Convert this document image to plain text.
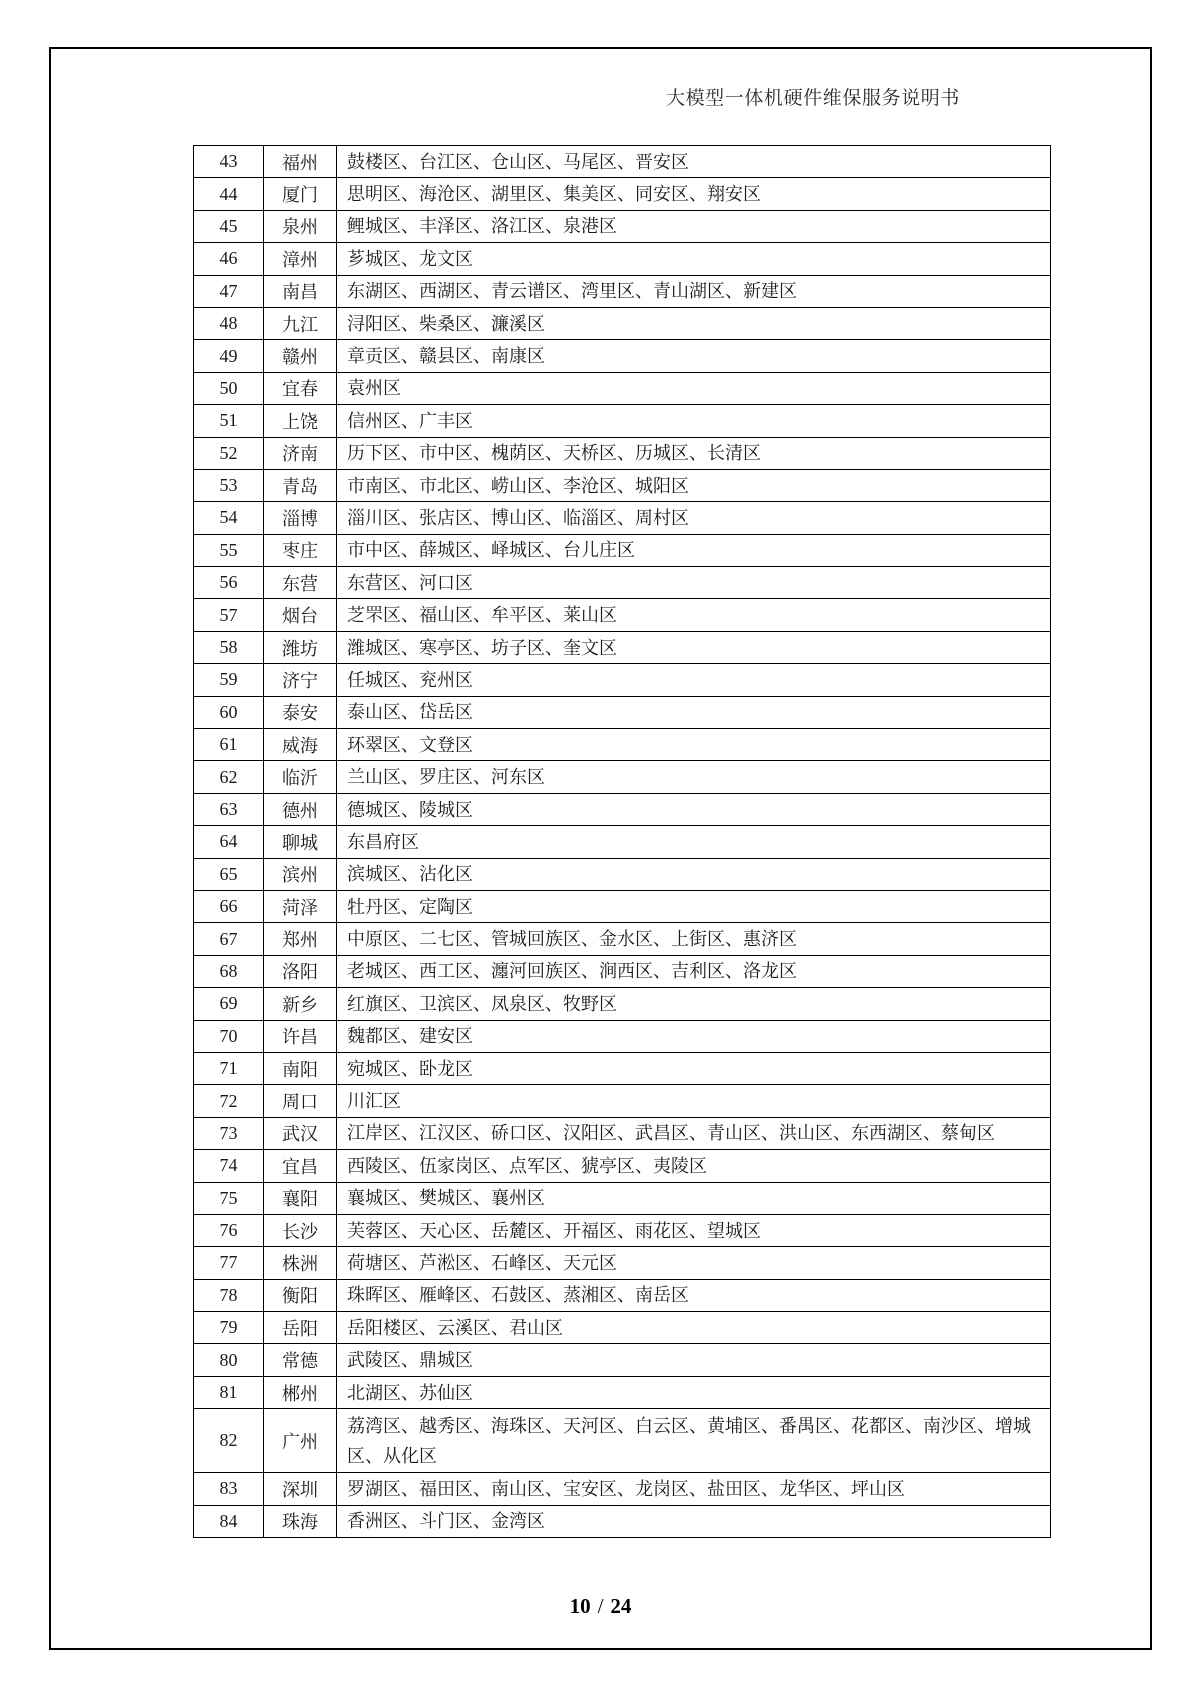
大模型一体机硬件维保服务说明书
43	福州	鼓楼区、台江区、仓山区、马尾区、晋安区
44	厦门	思明区、海沧区、湖里区、集美区、同安区、翔安区
45	泉州	鲤城区、丰泽区、洛江区、泉港区
46	漳州	芗城区、龙文区
47	南昌	东湖区、西湖区、青云谱区、湾里区、青山湖区、新建区
48	九江	浔阳区、柴桑区、濂溪区
49	赣州	章贡区、赣县区、南康区
50	宜春	袁州区
51	上饶	信州区、广丰区
52	济南	历下区、市中区、槐荫区、天桥区、历城区、长清区
53	青岛	市南区、市北区、崂山区、李沧区、城阳区
54	淄博	淄川区、张店区、博山区、临淄区、周村区
55	枣庄	市中区、薛城区、峄城区、台儿庄区
56	东营	东营区、河口区
57	烟台	芝罘区、福山区、牟平区、莱山区
58	潍坊	潍城区、寒亭区、坊子区、奎文区
59	济宁	任城区、兖州区
60	泰安	泰山区、岱岳区
61	威海	环翠区、文登区
62	临沂	兰山区、罗庄区、河东区
63	德州	德城区、陵城区
64	聊城	东昌府区
65	滨州	滨城区、沾化区
66	菏泽	牡丹区、定陶区
67	郑州	中原区、二七区、管城回族区、金水区、上街区、惠济区
68	洛阳	老城区、西工区、瀍河回族区、涧西区、吉利区、洛龙区
69	新乡	红旗区、卫滨区、凤泉区、牧野区
70	许昌	魏都区、建安区
71	南阳	宛城区、卧龙区
72	周口	川汇区
73	武汉	江岸区、江汉区、硚口区、汉阳区、武昌区、青山区、洪山区、东西湖区、蔡甸区
74	宜昌	西陵区、伍家岗区、点军区、猇亭区、夷陵区
75	襄阳	襄城区、樊城区、襄州区
76	长沙	芙蓉区、天心区、岳麓区、开福区、雨花区、望城区
77	株洲	荷塘区、芦淞区、石峰区、天元区
78	衡阳	珠晖区、雁峰区、石鼓区、蒸湘区、南岳区
79	岳阳	岳阳楼区、云溪区、君山区
80	常德	武陵区、鼎城区
81	郴州	北湖区、苏仙区
82	广州	荔湾区、越秀区、海珠区、天河区、白云区、黄埔区、番禺区、花都区、南沙区、增城区、从化区
83	深圳	罗湖区、福田区、南山区、宝安区、龙岗区、盐田区、龙华区、坪山区
84	珠海	香洲区、斗门区、金湾区
10 / 24
